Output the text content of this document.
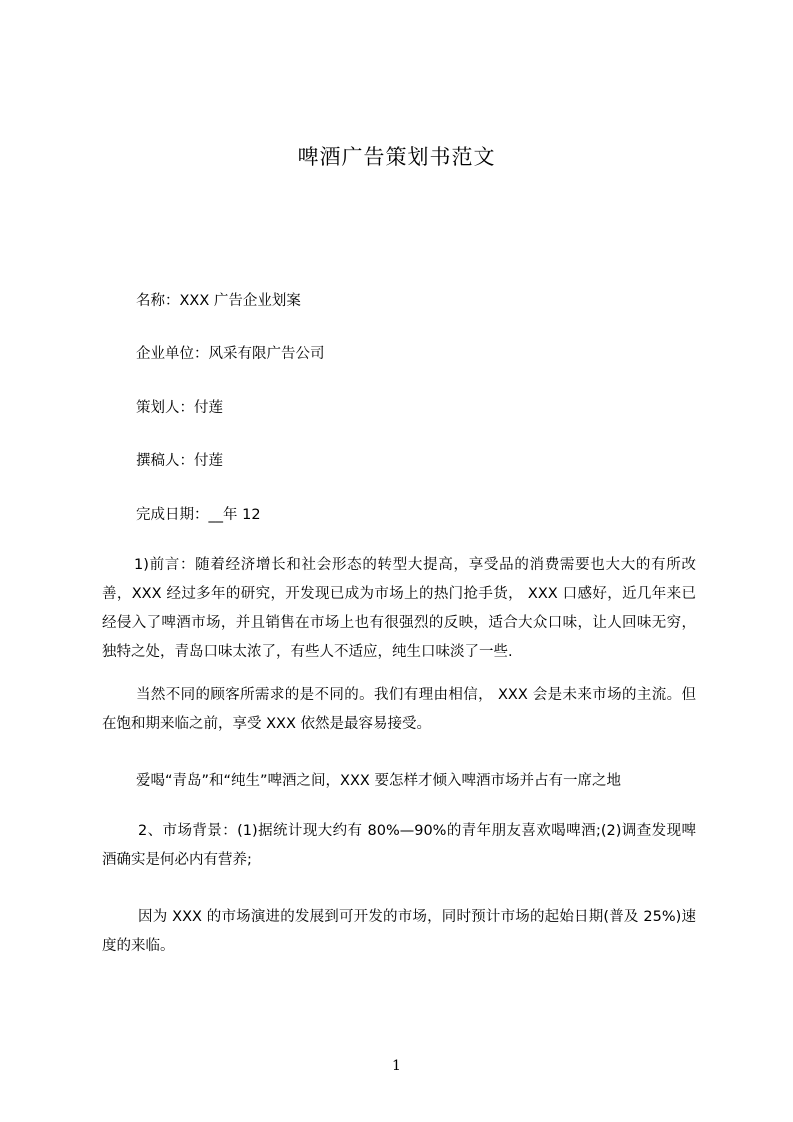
啤酒广告策划书范文
名称：XXX 广告企业划案
企业单位：风采有限广告公司
策划人：付莲
撰稿人：付莲
完成日期：__年 12
1)前言：随着经济增长和社会形态的转型大提高，享受品的消费需要也大大的有所改善，XXX 经过多年的研究，开发现已成为市场上的热门抢手货， XXX 口感好，近几年来已经侵入了啤酒市场，并且销售在市场上也有很强烈的反映，适合大众口味，让人回味无穷，独特之处，青岛口味太浓了，有些人不适应，纯生口味淡了一些.
当然不同的顾客所需求的是不同的。我们有理由相信， XXX 会是未来市场的主流。但在饱和期来临之前，享受 XXX 依然是最容易接受。
爱喝“青岛”和“纯生”啤酒之间，XXX 要怎样才倾入啤酒市场并占有一席之地
2、市场背景：(1)据统计现大约有 80%—90%的青年朋友喜欢喝啤酒;(2)调查发现啤酒确实是何必内有营养;
因为 XXX 的市场演进的发展到可开发的市场，同时预计市场的起始日期(普及 25%)速度的来临。
1
